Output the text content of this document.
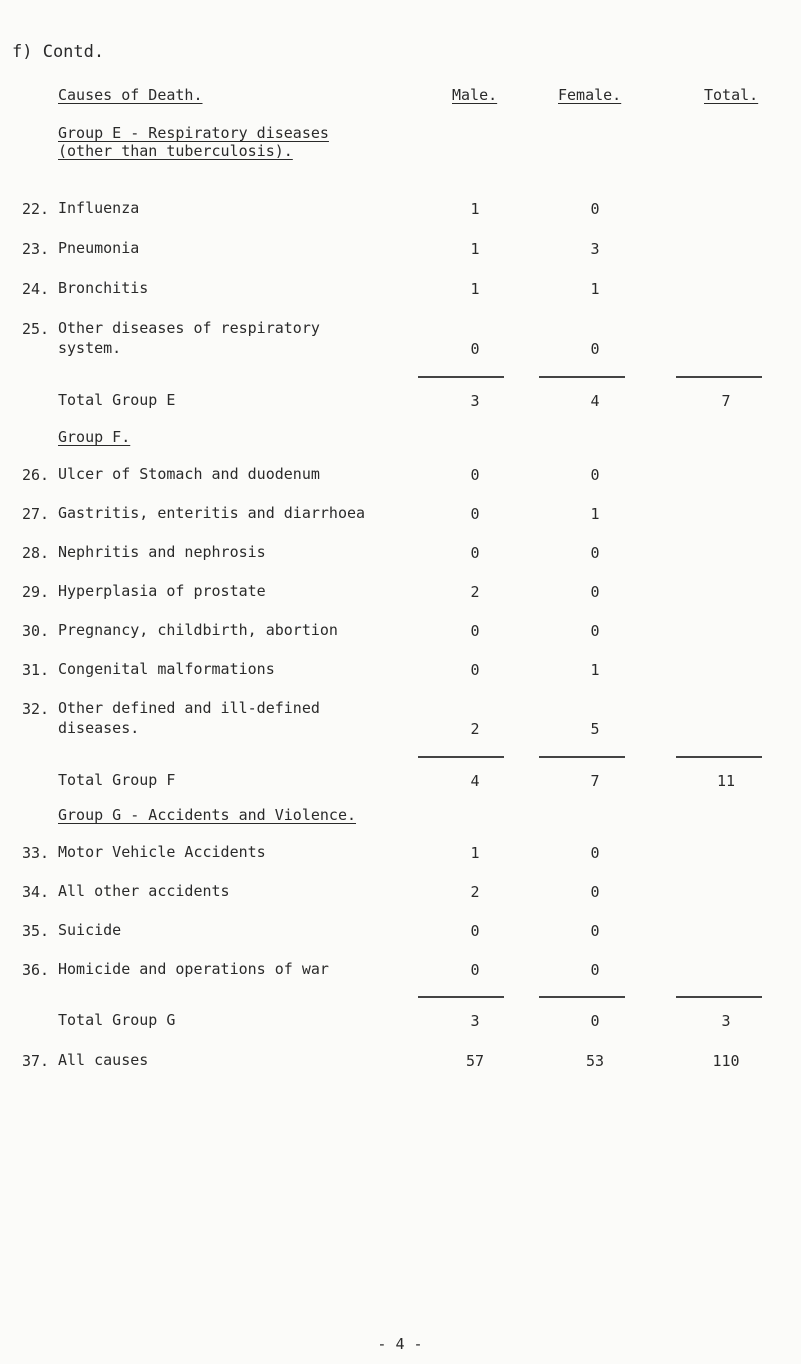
f) Contd.
Causes of Death.	Male.	Female.	Total.
Group E - Respiratory diseases
(other than tuberculosis).
22. Influenza	1	0
23. Pneumonia	1	3
24. Bronchitis	1	1
25. Other diseases of respiratory
system.	0	0
Total Group E	3	4	7
Group F.
26. Ulcer of Stomach and duodenum	0	0
27. Gastritis, enteritis and diarrhoea	0	1
28. Nephritis and nephrosis	0	0
29. Hyperplasia of prostate	2	0
30. Pregnancy, childbirth, abortion	0	0
31. Congenital malformations	0	1
32. Other defined and ill-defined
diseases.	2	5
Total Group F	4	7	11
Group G - Accidents and Violence.
33. Motor Vehicle Accidents	1	0
34. All other accidents	2	0
35. Suicide	0	0
36. Homicide and operations of war	0	0
Total Group G	3	0	3
37. All causes	57	53	110
- 4 -
